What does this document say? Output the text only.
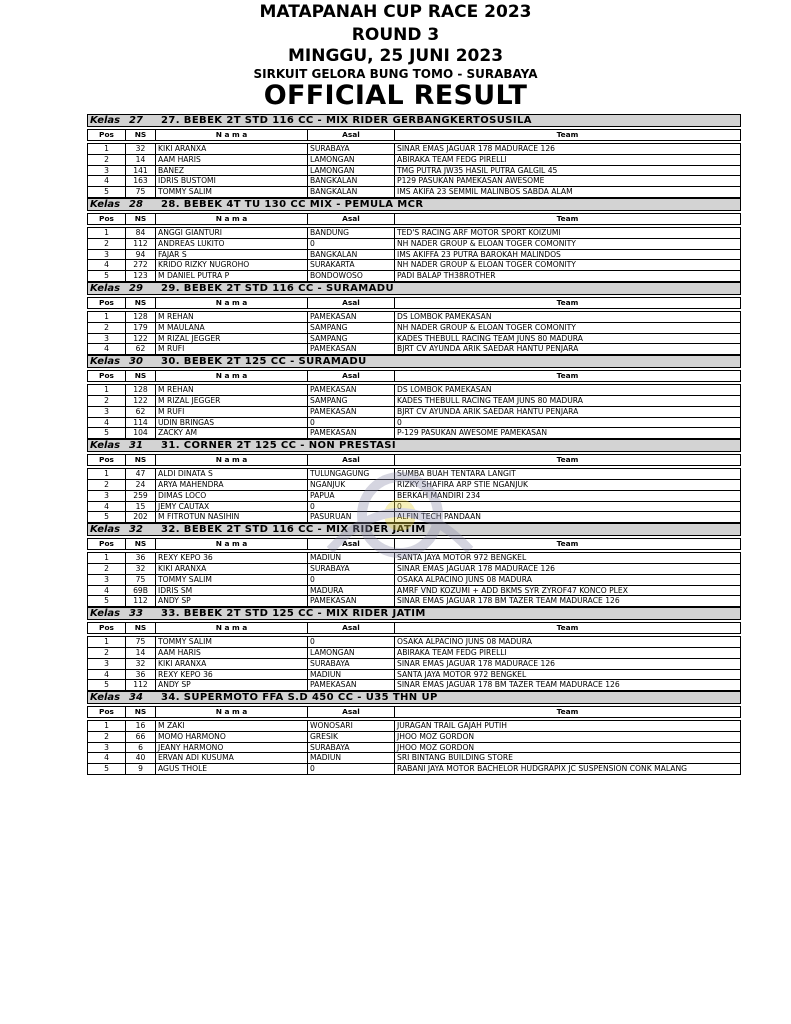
MATAPANAH CUP RACE 2023
ROUND 3
MINGGU, 25 JUNI 2023
SIRKUIT GELORA BUNG TOMO - SURABAYA
OFFICIAL RESULT
Kelas 27	27. BEBEK 2T STD 116 CC - MIX RIDER GERBANGKERTOSUSILA
Pos	NS	N a m a	Asal	Team
1	32	KIKI ARANXA	SURABAYA	SINAR EMAS JAGUAR 178 MADURACE 126
2	14	AAM HARIS	LAMONGAN	ABIRAKA TEAM FEDG PIRELLI
3	141	BANEZ	LAMONGAN	TMG PUTRA JW35 HASIL PUTRA GALGIL 45
4	163	IDRIS BUSTOMI	BANGKALAN	P129 PASUKAN PAMEKASAN AWESOME
5	75	TOMMY SALIM	BANGKALAN	IMS AKIFA 23 SEMMIL MALINBOS SABDA ALAM
Kelas 28	28. BEBEK 4T TU 130 CC MIX - PEMULA MCR
Pos	NS	N a m a	Asal	Team
1	84	ANGGI GIANTURI	BANDUNG	TED'S RACING ARF MOTOR SPORT KOIZUMI
2	112	ANDREAS LUKITO	0	NH NADER GROUP & ELOAN TOGER COMONITY
3	94	FAJAR S	BANGKALAN	IMS AKIFFA 23 PUTRA BAROKAH MALINDOS
4	272	KRIDO RIZKY NUGROHO	SURAKARTA	NH NADER GROUP & ELOAN TOGER COMONITY
5	123	M DANIEL PUTRA P	BONDOWOSO	PADI BALAP TH38ROTHER
Kelas 29	29. BEBEK 2T STD 116 CC - SURAMADU
Pos	NS	N a m a	Asal	Team
1	128	M REHAN	PAMEKASAN	DS LOMBOK PAMEKASAN
2	179	M MAULANA	SAMPANG	NH NADER GROUP & ELOAN TOGER COMONITY
3	122	M RIZAL JEGGER	SAMPANG	KADES THEBULL RACING TEAM JUNS 80 MADURA
4	62	M RUFI	PAMEKASAN	BJRT CV AYUNDA ARIK SAEDAR HANTU PENJARA
Kelas 30	30. BEBEK 2T 125 CC - SURAMADU
Pos	NS	N a m a	Asal	Team
1	128	M REHAN	PAMEKASAN	DS LOMBOK PAMEKASAN
2	122	M RIZAL JEGGER	SAMPANG	KADES THEBULL RACING TEAM JUNS 80 MADURA
3	62	M RUFI	PAMEKASAN	BJRT CV AYUNDA ARIK SAEDAR HANTU PENJARA
4	114	UDIN BRINGAS	0	0
5	104	ZACKY AM	PAMEKASAN	P-129 PASUKAN AWESOME PAMEKASAN
Kelas 31	31. CORNER 2T 125 CC - NON PRESTASI
Pos	NS	N a m a	Asal	Team
1	47	ALDI DINATA S	TULUNGAGUNG	SUMBA BUAH TENTARA LANGIT
2	24	ARYA MAHENDRA	NGANJUK	RIZKY SHAFIRA ARP STIE NGANJUK
3	259	DIMAS LOCO	PAPUA	BERKAH MANDIRI 234
4	15	JEMY CAUTAX	0	0
5	202	M FITROTUN NASIHIN	PASURUAN	ALFIN TECH PANDAAN
Kelas 32	32. BEBEK 2T STD 116 CC - MIX RIDER JATIM
Pos	NS	N a m a	Asal	Team
1	36	REXY KEPO 36	MADIUN	SANTA JAYA MOTOR 972 BENGKEL
2	32	KIKI ARANXA	SURABAYA	SINAR EMAS JAGUAR 178 MADURACE 126
3	75	TOMMY SALIM	0	OSAKA ALPACINO JUNS 08 MADURA
4	69B	IDRIS SM	MADURA	AMRF VND KOZUMI + ADD BKMS SYR ZYROF47 KONCO PLEX
5	112	ANDY SP	PAMEKASAN	SINAR EMAS JAGUAR 178 BM TAZER TEAM MADURACE 126
Kelas 33	33. BEBEK 2T STD 125 CC - MIX RIDER JATIM
Pos	NS	N a m a	Asal	Team
1	75	TOMMY SALIM	0	OSAKA ALPACINO JUNS 08 MADURA
2	14	AAM HARIS	LAMONGAN	ABIRAKA TEAM FEDG PIRELLI
3	32	KIKI ARANXA	SURABAYA	SINAR EMAS JAGUAR 178 MADURACE 126
4	36	REXY KEPO 36	MADIUN	SANTA JAYA MOTOR 972 BENGKEL
5	112	ANDY SP	PAMEKASAN	SINAR EMAS JAGUAR 178 BM TAZER TEAM MADURACE 126
Kelas 34	34. SUPERMOTO FFA S.D 450 CC - U35 THN UP
Pos	NS	N a m a	Asal	Team
1	16	M ZAKI	WONOSARI	JURAGAN TRAIL GAJAH PUTIH
2	66	MOMO HARMONO	GRESIK	JHOO MOZ GORDON
3	6	JEANY HARMONO	SURABAYA	JHOO MOZ GORDON
4	40	ERVAN ADI KUSUMA	MADIUN	SRI BINTANG BUILDING STORE
5	9	AGUS THOLE	0	RABANI JAYA MOTOR BACHELOR HUDGRAPIX JC SUSPENSION CONK MALANG
